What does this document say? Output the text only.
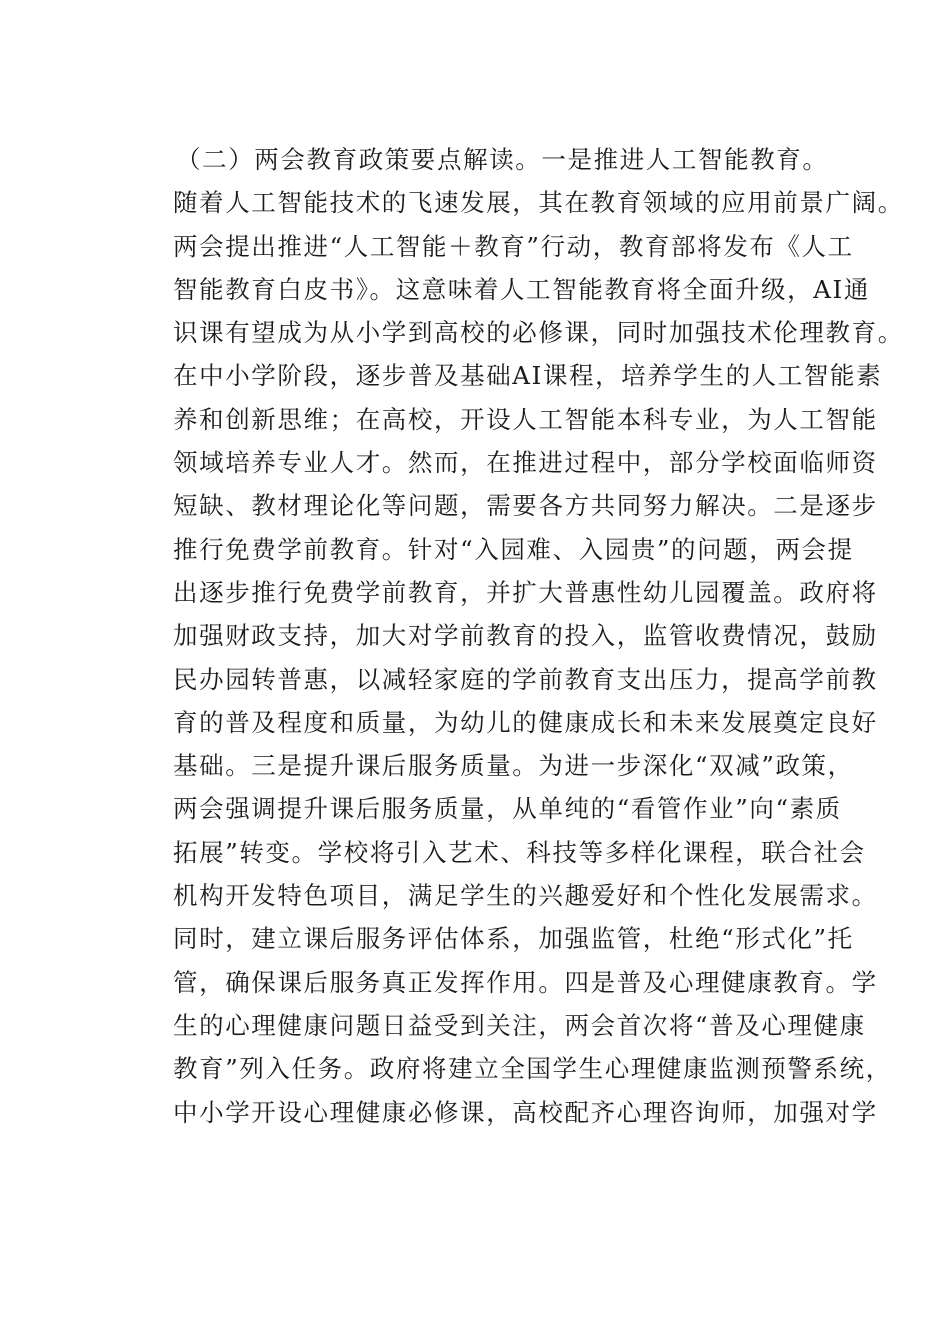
（二）两会教育政策要点解读。一是推进人工智能教育。
随着人工智能技术的飞速发展，其在教育领域的应用前景广阔。
两会提出推进“人工智能＋教育”行动，教育部将发布《人工
智能教育白皮书》。这意味着人工智能教育将全面升级，AI通
识课有望成为从小学到高校的必修课，同时加强技术伦理教育。
在中小学阶段，逐步普及基础AI课程，培养学生的人工智能素
养和创新思维；在高校，开设人工智能本科专业，为人工智能
领域培养专业人才。然而，在推进过程中，部分学校面临师资
短缺、教材理论化等问题，需要各方共同努力解决。二是逐步
推行免费学前教育。针对“入园难、入园贵”的问题，两会提
出逐步推行免费学前教育，并扩大普惠性幼儿园覆盖。政府将
加强财政支持，加大对学前教育的投入，监管收费情况，鼓励
民办园转普惠，以减轻家庭的学前教育支出压力，提高学前教
育的普及程度和质量，为幼儿的健康成长和未来发展奠定良好
基础。三是提升课后服务质量。为进一步深化“双减”政策，
两会强调提升课后服务质量，从单纯的“看管作业”向“素质
拓展”转变。学校将引入艺术、科技等多样化课程，联合社会
机构开发特色项目，满足学生的兴趣爱好和个性化发展需求。
同时，建立课后服务评估体系，加强监管，杜绝“形式化”托
管，确保课后服务真正发挥作用。四是普及心理健康教育。学
生的心理健康问题日益受到关注，两会首次将“普及心理健康
教育”列入任务。政府将建立全国学生心理健康监测预警系统，
中小学开设心理健康必修课，高校配齐心理咨询师，加强对学
